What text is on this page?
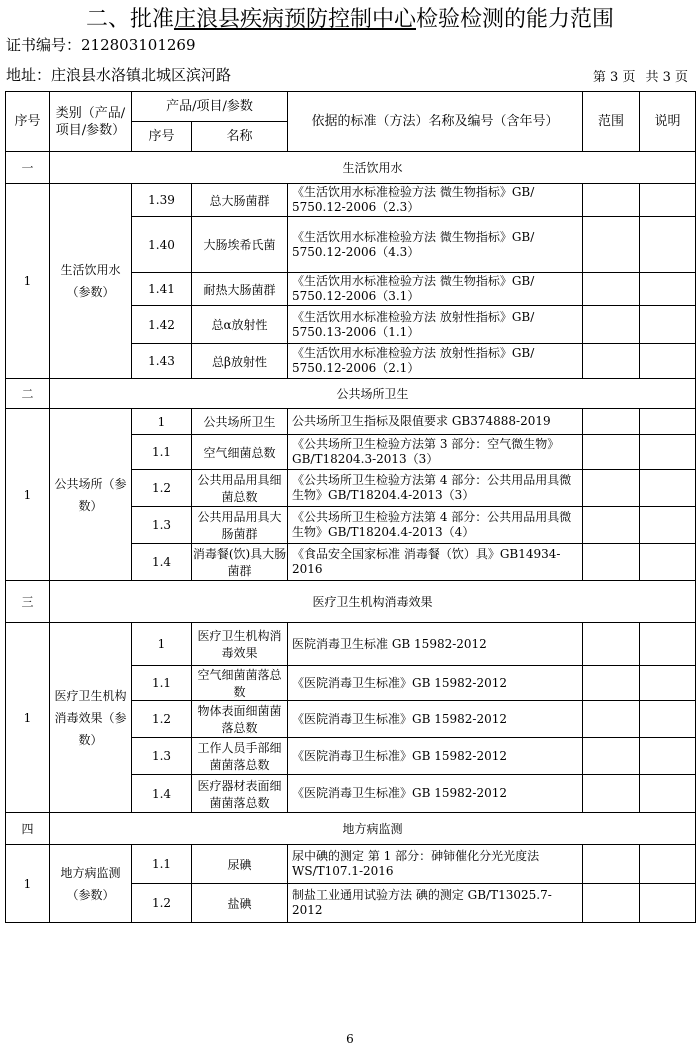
二、批准庄浪县疾病预防控制中心检验检测的能力范围
证书编号：212803101269
地址：庄浪县水洛镇北城区滨河路	第 3 页 共 3 页
序号	类别（产品/项目/参数）	产品/项目/参数		依据的标准（方法）名称及编号（含年号）	范围	说明
		序号	名称			
一	生活饮用水					
1	生活饮用水（参数）	1.39	总大肠菌群	《生活饮用水标准检验方法 微生物指标》GB/ 5750.12-2006（2.3）		
		1.40	大肠埃希氏菌	《生活饮用水标准检验方法 微生物指标》GB/ 5750.12-2006（4.3）		
		1.41	耐热大肠菌群	《生活饮用水标准检验方法 微生物指标》GB/ 5750.12-2006（3.1）		
		1.42	总α放射性	《生活饮用水标准检验方法 放射性指标》GB/ 5750.13-2006（1.1）		
		1.43	总β放射性	《生活饮用水标准检验方法 放射性指标》GB/ 5750.12-2006（2.1）		
二	公共场所卫生					
1	公共场所（参数）	1	公共场所卫生	公共场所卫生指标及限值要求 GB374888-2019		
		1.1	空气细菌总数	《公共场所卫生检验方法第 3 部分：空气微生物》GB/T18204.3-2013（3）		
		1.2	公共用品用具细菌总数	《公共场所卫生检验方法第 4 部分：公共用品用具微生物》GB/T18204.4-2013（3）		
		1.3	公共用品用具大肠菌群	《公共场所卫生检验方法第 4 部分：公共用品用具微生物》GB/T18204.4-2013（4）		
		1.4	消毒餐(饮)具大肠菌群	《食品安全国家标准 消毒餐（饮）具》GB14934-2016		
三	医疗卫生机构消毒效果					
1	医疗卫生机构消毒效果（参数）	1	医疗卫生机构消毒效果	医院消毒卫生标准 GB 15982-2012		
		1.1	空气细菌菌落总数	《医院消毒卫生标准》GB 15982-2012		
		1.2	物体表面细菌菌落总数	《医院消毒卫生标准》GB 15982-2012		
		1.3	工作人员手部细菌菌落总数	《医院消毒卫生标准》GB 15982-2012		
		1.4	医疗器材表面细菌菌落总数	《医院消毒卫生标准》GB 15982-2012		
四	地方病监测					
1	地方病监测（参数）	1.1	尿碘	尿中碘的测定 第 1 部分：砷铈催化分光光度法 WS/T107.1-2016		
		1.2	盐碘	制盐工业通用试验方法 碘的测定 GB/T13025.7-2012		
6
